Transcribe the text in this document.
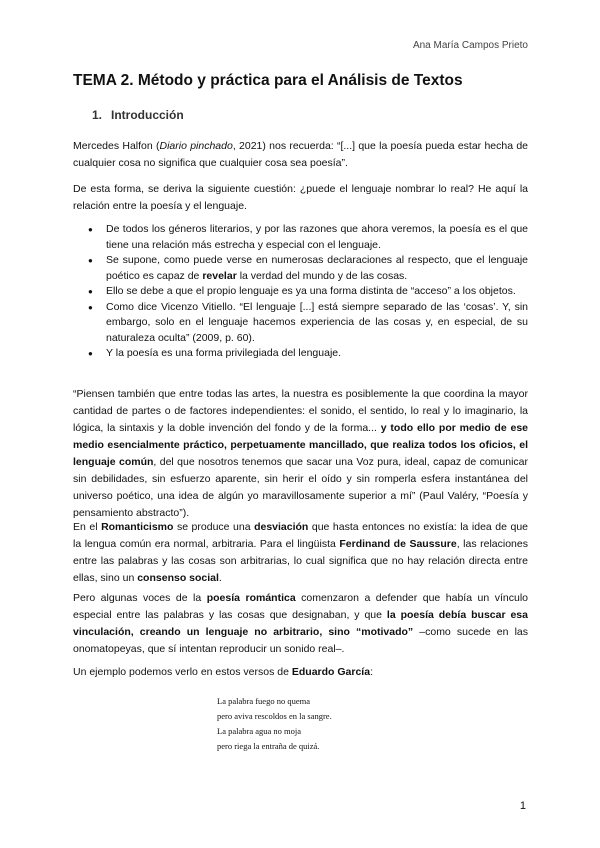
Ana María Campos Prieto
TEMA 2. Método y práctica para el Análisis de Textos
1. Introducción

Mercedes Halfon (Diario pinchado, 2021) nos recuerda: “[...] que la poesía pueda estar hecha de cualquier cosa no significa que cualquier cosa sea poesía”.

De esta forma, se deriva la siguiente cuestión: ¿puede el lenguaje nombrar lo real? He aquí la relación entre la poesía y el lenguaje.

● De todos los géneros literarios, y por las razones que ahora veremos, la poesía es el que tiene una relación más estrecha y especial con el lenguaje.
● Se supone, como puede verse en numerosas declaraciones al respecto, que el lenguaje poético es capaz de revelar la verdad del mundo y de las cosas.
● Ello se debe a que el propio lenguaje es ya una forma distinta de “acceso” a los objetos.
● Como dice Vicenzo Vitiello. “El lenguaje [...] está siempre separado de las ‘cosas’. Y, sin embargo, solo en el lenguaje hacemos experiencia de las cosas y, en especial, de su naturaleza oculta” (2009, p. 60).
● Y la poesía es una forma privilegiada del lenguaje.

“Piensen también que entre todas las artes, la nuestra es posiblemente la que coordina la mayor cantidad de partes o de factores independientes: el sonido, el sentido, lo real y lo imaginario, la lógica, la sintaxis y la doble invención del fondo y de la forma... y todo ello por medio de ese medio esencialmente práctico, perpetuamente mancillado, que realiza todos los oficios, el lenguaje común, del que nosotros tenemos que sacar una Voz pura, ideal, capaz de comunicar sin debilidades, sin esfuerzo aparente, sin herir el oído y sin romperla esfera instantánea del universo poético, una idea de algún yo maravillosamente superior a mí” (Paul Valéry, “Poesía y pensamiento abstracto”).

En el Romanticismo se produce una desviación que hasta entonces no existía: la idea de que la lengua común era normal, arbitraria. Para el lingüista Ferdinand de Saussure, las relaciones entre las palabras y las cosas son arbitrarias, lo cual significa que no hay relación directa entre ellas, sino un consenso social.

Pero algunas voces de la poesía romántica comenzaron a defender que había un vínculo especial entre las palabras y las cosas que designaban, y que la poesía debía buscar esa vinculación, creando un lenguaje no arbitrario, sino “motivado” –como sucede en las onomatopeyas, que sí intentan reproducir un sonido real–.

Un ejemplo podemos verlo en estos versos de Eduardo García:

La palabra fuego no quema
pero aviva rescoldos en la sangre.
La palabra agua no moja
pero riega la entraña de quizá.
1
